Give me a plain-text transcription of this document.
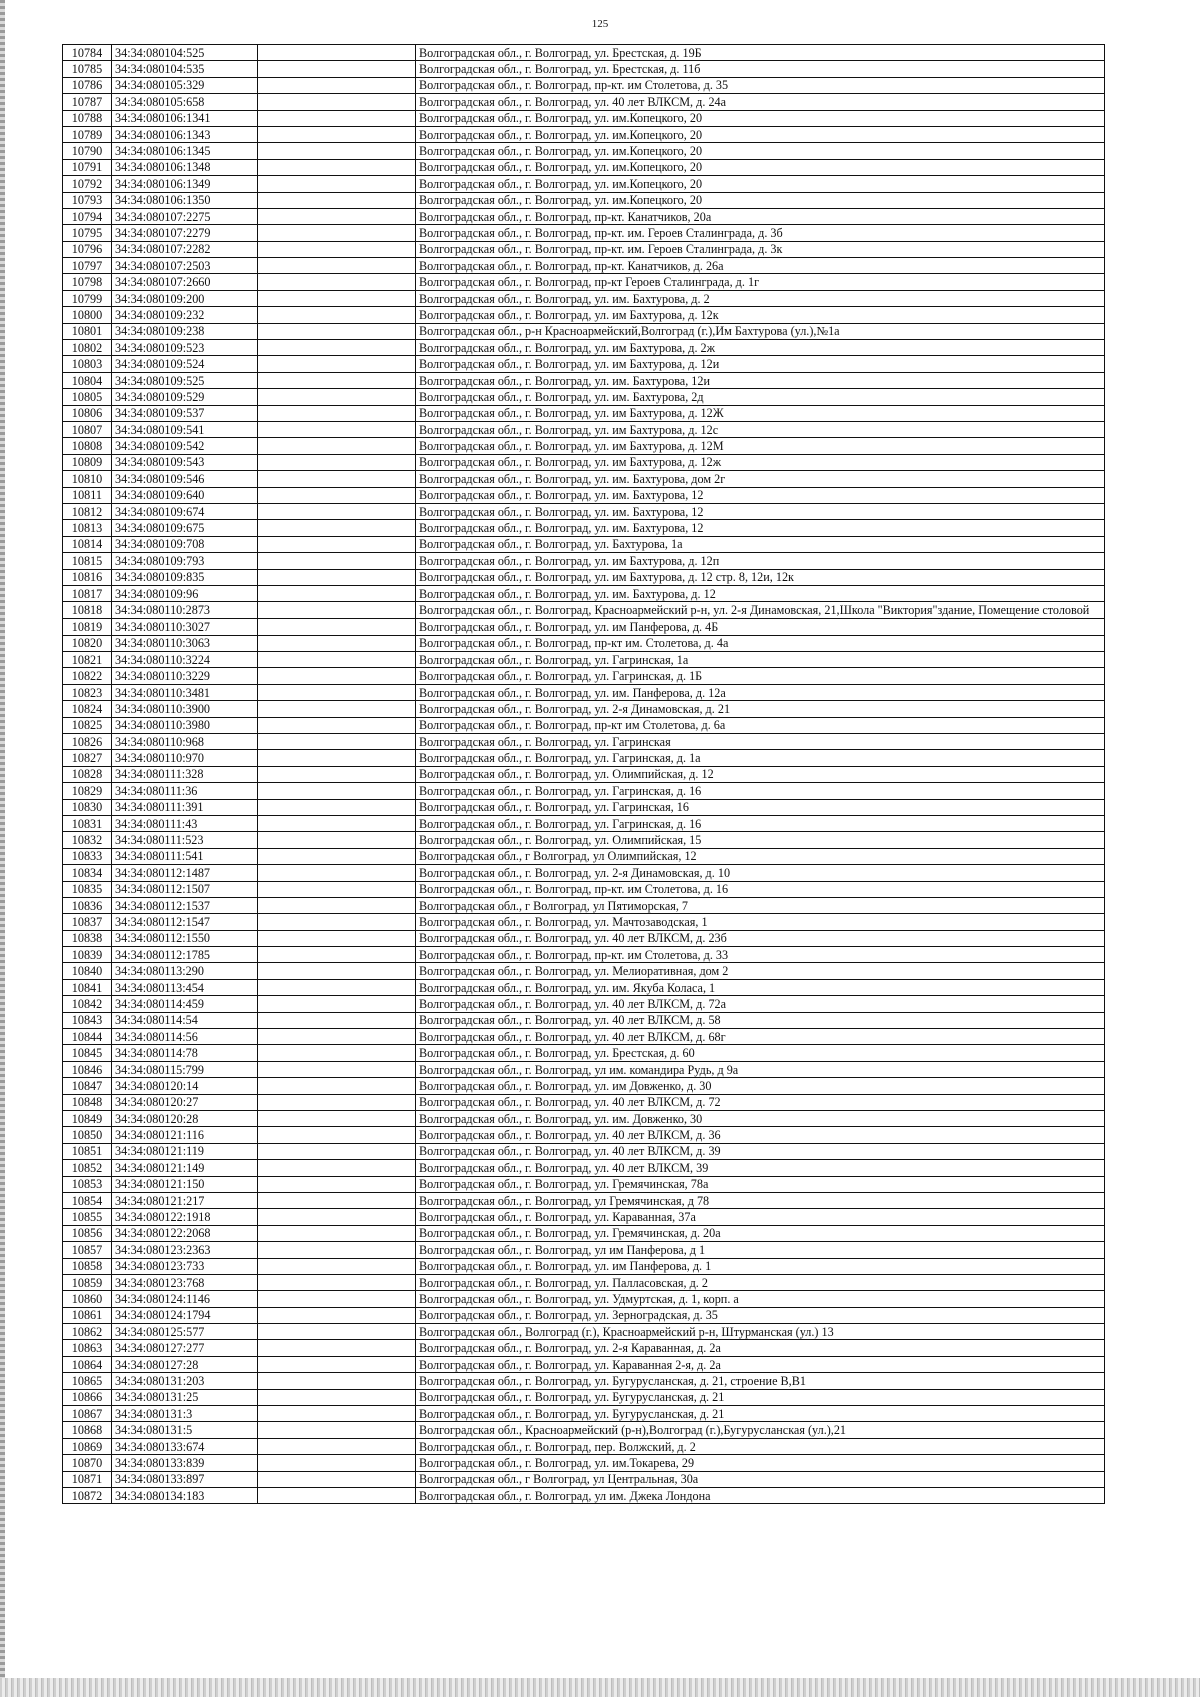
125
10784	34:34:080104:525		Волгоградская обл., г. Волгоград, ул. Брестская, д. 19Б
10785	34:34:080104:535		Волгоградская обл., г. Волгоград, ул. Брестская, д. 11б
10786	34:34:080105:329		Волгоградская обл., г. Волгоград, пр-кт. им Столетова, д. 35
10787	34:34:080105:658		Волгоградская обл., г. Волгоград, ул. 40 лет ВЛКСМ, д. 24а
10788	34:34:080106:1341		Волгоградская обл., г. Волгоград, ул. им.Копецкого, 20
10789	34:34:080106:1343		Волгоградская обл., г. Волгоград, ул. им.Копецкого, 20
10790	34:34:080106:1345		Волгоградская обл., г. Волгоград, ул. им.Копецкого, 20
10791	34:34:080106:1348		Волгоградская обл., г. Волгоград, ул. им.Копецкого, 20
10792	34:34:080106:1349		Волгоградская обл., г. Волгоград, ул. им.Копецкого, 20
10793	34:34:080106:1350		Волгоградская обл., г. Волгоград, ул. им.Копецкого, 20
10794	34:34:080107:2275		Волгоградская обл., г. Волгоград, пр-кт. Канатчиков, 20а
10795	34:34:080107:2279		Волгоградская обл., г. Волгоград, пр-кт. им. Героев Сталинграда, д. 3б
10796	34:34:080107:2282		Волгоградская обл., г. Волгоград, пр-кт. им. Героев Сталинграда, д. 3к
10797	34:34:080107:2503		Волгоградская обл., г. Волгоград, пр-кт. Канатчиков, д. 26а
10798	34:34:080107:2660		Волгоградская обл., г. Волгоград, пр-кт Героев Сталинграда, д. 1г
10799	34:34:080109:200		Волгоградская обл., г. Волгоград, ул. им. Бахтурова, д. 2
10800	34:34:080109:232		Волгоградская обл., г. Волгоград, ул. им Бахтурова, д. 12к
10801	34:34:080109:238		Волгоградская обл., р-н Красноармейский,Волгоград (г.),Им Бахтурова (ул.),№1а
10802	34:34:080109:523		Волгоградская обл., г. Волгоград, ул. им Бахтурова, д. 2ж
10803	34:34:080109:524		Волгоградская обл., г. Волгоград, ул. им Бахтурова, д. 12и
10804	34:34:080109:525		Волгоградская обл., г. Волгоград, ул. им. Бахтурова, 12и
10805	34:34:080109:529		Волгоградская обл., г. Волгоград, ул. им. Бахтурова, 2д
10806	34:34:080109:537		Волгоградская обл., г. Волгоград, ул. им Бахтурова, д. 12Ж
10807	34:34:080109:541		Волгоградская обл., г. Волгоград, ул. им Бахтурова, д. 12с
10808	34:34:080109:542		Волгоградская обл., г. Волгоград, ул. им Бахтурова, д. 12М
10809	34:34:080109:543		Волгоградская обл., г. Волгоград, ул. им Бахтурова, д. 12ж
10810	34:34:080109:546		Волгоградская обл., г. Волгоград, ул. им. Бахтурова, дом 2г
10811	34:34:080109:640		Волгоградская обл., г. Волгоград, ул. им. Бахтурова, 12
10812	34:34:080109:674		Волгоградская обл., г. Волгоград, ул. им. Бахтурова, 12
10813	34:34:080109:675		Волгоградская обл., г. Волгоград, ул. им. Бахтурова, 12
10814	34:34:080109:708		Волгоградская обл., г. Волгоград, ул. Бахтурова, 1а
10815	34:34:080109:793		Волгоградская обл., г. Волгоград, ул. им Бахтурова, д. 12п
10816	34:34:080109:835		Волгоградская обл., г. Волгоград, ул. им Бахтурова, д. 12 стр. 8, 12и, 12к
10817	34:34:080109:96		Волгоградская обл., г. Волгоград, ул. им. Бахтурова, д. 12
10818	34:34:080110:2873		Волгоградская обл., г. Волгоград, Красноармейский р-н, ул. 2-я Динамовская, 21,Школа "Виктория"здание, Помещение столовой
10819	34:34:080110:3027		Волгоградская обл., г. Волгоград, ул. им Панферова, д. 4Б
10820	34:34:080110:3063		Волгоградская обл., г. Волгоград, пр-кт им. Столетова, д. 4а
10821	34:34:080110:3224		Волгоградская обл., г. Волгоград, ул. Гагринская, 1а
10822	34:34:080110:3229		Волгоградская обл., г. Волгоград, ул. Гагринская, д. 1Б
10823	34:34:080110:3481		Волгоградская обл., г. Волгоград, ул. им. Панферова, д. 12а
10824	34:34:080110:3900		Волгоградская обл., г. Волгоград, ул. 2-я Динамовская, д. 21
10825	34:34:080110:3980		Волгоградская обл., г. Волгоград, пр-кт им Столетова, д. 6а
10826	34:34:080110:968		Волгоградская обл., г. Волгоград, ул. Гагринская
10827	34:34:080110:970		Волгоградская обл., г. Волгоград, ул. Гагринская, д. 1а
10828	34:34:080111:328		Волгоградская обл., г. Волгоград, ул. Олимпийская, д. 12
10829	34:34:080111:36		Волгоградская обл., г. Волгоград, ул. Гагринская, д. 16
10830	34:34:080111:391		Волгоградская обл., г. Волгоград, ул. Гагринская, 16
10831	34:34:080111:43		Волгоградская обл., г. Волгоград, ул. Гагринская, д. 16
10832	34:34:080111:523		Волгоградская обл., г. Волгоград, ул. Олимпийская, 15
10833	34:34:080111:541		Волгоградская обл., г Волгоград, ул Олимпийская, 12
10834	34:34:080112:1487		Волгоградская обл., г. Волгоград, ул. 2-я Динамовская, д. 10
10835	34:34:080112:1507		Волгоградская обл., г. Волгоград, пр-кт. им Столетова, д. 16
10836	34:34:080112:1537		Волгоградская обл., г Волгоград, ул Пятиморская, 7
10837	34:34:080112:1547		Волгоградская обл., г. Волгоград, ул. Мачтозаводская, 1
10838	34:34:080112:1550		Волгоградская обл., г. Волгоград, ул. 40 лет ВЛКСМ, д. 23б
10839	34:34:080112:1785		Волгоградская обл., г. Волгоград, пр-кт. им Столетова, д. 33
10840	34:34:080113:290		Волгоградская обл., г. Волгоград, ул. Мелиоративная, дом 2
10841	34:34:080113:454		Волгоградская обл., г. Волгоград, ул. им. Якуба Коласа, 1
10842	34:34:080114:459		Волгоградская обл., г. Волгоград, ул. 40 лет ВЛКСМ, д. 72а
10843	34:34:080114:54		Волгоградская обл., г. Волгоград, ул. 40 лет ВЛКСМ, д. 58
10844	34:34:080114:56		Волгоградская обл., г. Волгоград, ул. 40 лет ВЛКСМ, д. 68г
10845	34:34:080114:78		Волгоградская обл., г. Волгоград, ул. Брестская, д. 60
10846	34:34:080115:799		Волгоградская обл., г. Волгоград, ул им. командира Рудь, д 9а
10847	34:34:080120:14		Волгоградская обл., г. Волгоград, ул. им Довженко, д. 30
10848	34:34:080120:27		Волгоградская обл., г. Волгоград, ул. 40 лет ВЛКСМ, д. 72
10849	34:34:080120:28		Волгоградская обл., г. Волгоград, ул. им. Довженко, 30
10850	34:34:080121:116		Волгоградская обл., г. Волгоград, ул. 40 лет ВЛКСМ, д. 36
10851	34:34:080121:119		Волгоградская обл., г. Волгоград, ул. 40 лет ВЛКСМ, д. 39
10852	34:34:080121:149		Волгоградская обл., г. Волгоград, ул. 40 лет ВЛКСМ, 39
10853	34:34:080121:150		Волгоградская обл., г. Волгоград, ул. Гремячинская, 78а
10854	34:34:080121:217		Волгоградская обл., г. Волгоград, ул Гремячинская, д 78
10855	34:34:080122:1918		Волгоградская обл., г. Волгоград, ул. Караванная, 37а
10856	34:34:080122:2068		Волгоградская обл., г. Волгоград, ул. Гремячинская, д. 20а
10857	34:34:080123:2363		Волгоградская обл., г. Волгоград, ул им Панферова, д 1
10858	34:34:080123:733		Волгоградская обл., г. Волгоград, ул. им Панферова, д. 1
10859	34:34:080123:768		Волгоградская обл., г. Волгоград, ул. Палласовская, д. 2
10860	34:34:080124:1146		Волгоградская обл., г. Волгоград, ул. Удмуртская, д. 1, корп. а
10861	34:34:080124:1794		Волгоградская обл., г. Волгоград, ул. Зерноградская, д. 35
10862	34:34:080125:577		Волгоградская обл., Волгоград (г.), Красноармейский р-н, Штурманская (ул.) 13
10863	34:34:080127:277		Волгоградская обл., г. Волгоград, ул. 2-я Караванная, д. 2а
10864	34:34:080127:28		Волгоградская обл., г. Волгоград, ул. Караванная 2-я, д. 2а
10865	34:34:080131:203		Волгоградская обл., г. Волгоград, ул. Бугурусланская, д. 21, строение В,В1
10866	34:34:080131:25		Волгоградская обл., г. Волгоград, ул. Бугурусланская, д. 21
10867	34:34:080131:3		Волгоградская обл., г. Волгоград, ул. Бугурусланская, д. 21
10868	34:34:080131:5		Волгоградская обл., Красноармейский (р-н),Волгоград (г.),Бугурусланская (ул.),21
10869	34:34:080133:674		Волгоградская обл., г. Волгоград, пер. Волжский, д. 2
10870	34:34:080133:839		Волгоградская обл., г. Волгоград, ул. им.Токарева, 29
10871	34:34:080133:897		Волгоградская обл., г Волгоград, ул Центральная, 30а
10872	34:34:080134:183		Волгоградская обл., г. Волгоград, ул им. Джека Лондона
